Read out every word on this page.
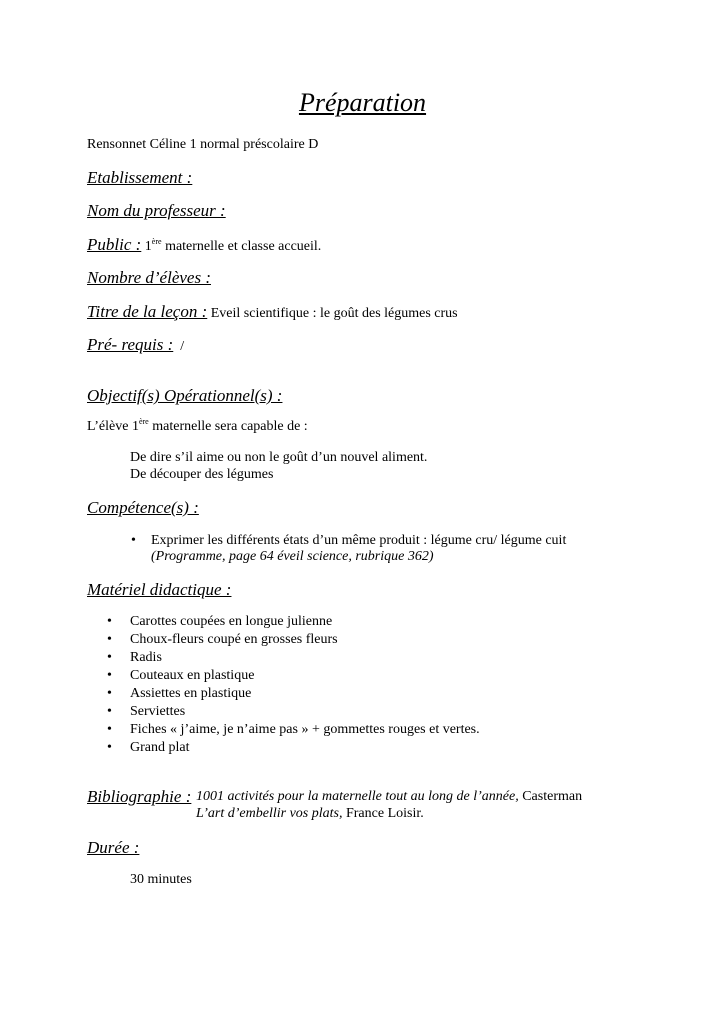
Préparation
Rensonnet Céline 1 normal préscolaire D
Etablissement :
Nom du professeur :
Public : 1ère maternelle et classe accueil.
Nombre d’élèves :
Titre de la leçon : Eveil scientifique : le goût des légumes crus
Pré- requis : /
Objectif(s) Opérationnel(s) :
L’élève 1ère maternelle sera capable de :
De dire s’il aime ou non le goût d’un nouvel aliment.
De découper des légumes
Compétence(s) :
• Exprimer les différents états d’un même produit : légume cru/ légume cuit
(Programme, page 64 éveil science, rubrique 362)
Matériel didactique :
• Carottes coupées en longue julienne
• Choux-fleurs coupé en grosses fleurs
• Radis
• Couteaux en plastique
• Assiettes en plastique
• Serviettes
• Fiches « j’aime, je n’aime pas » + gommettes rouges et vertes.
• Grand plat
Bibliographie : 1001 activités pour la maternelle tout au long de l’année, Casterman
L’art d’embellir vos plats, France Loisir.
Durée :
30 minutes
